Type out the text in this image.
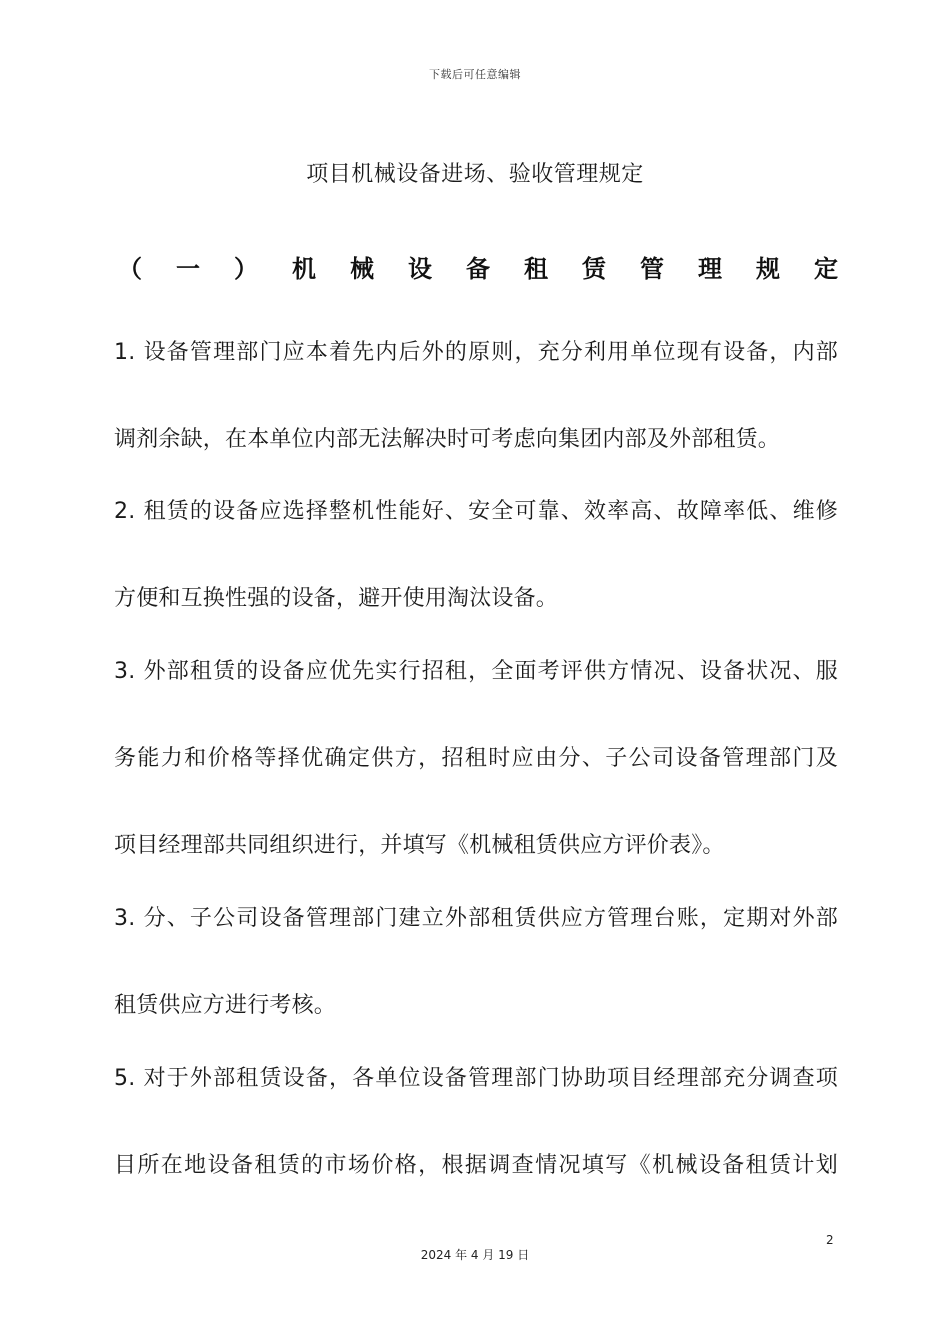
下载后可任意编辑
项目机械设备进场、验收管理规定
（ 一 ） 机 械 设 备 租 赁 管 理 规 定
1. 设备管理部门应本着先内后外的原则，充分利用单位现有设备，内部
调剂余缺，在本单位内部无法解决时可考虑向集团内部及外部租赁。
2. 租赁的设备应选择整机性能好、安全可靠、效率高、故障率低、维修
方便和互换性强的设备，避开使用淘汰设备。
3. 外部租赁的设备应优先实行招租，全面考评供方情况、设备状况、服
务能力和价格等择优确定供方，招租时应由分、子公司设备管理部门及
项目经理部共同组织进行，并填写《机械租赁供应方评价表》。
3. 分、子公司设备管理部门建立外部租赁供应方管理台账，定期对外部
租赁供应方进行考核。
5. 对于外部租赁设备，各单位设备管理部门协助项目经理部充分调查项
目所在地设备租赁的市场价格，根据调查情况填写《机械设备租赁计划
2
2024 年 4 月 19 日
